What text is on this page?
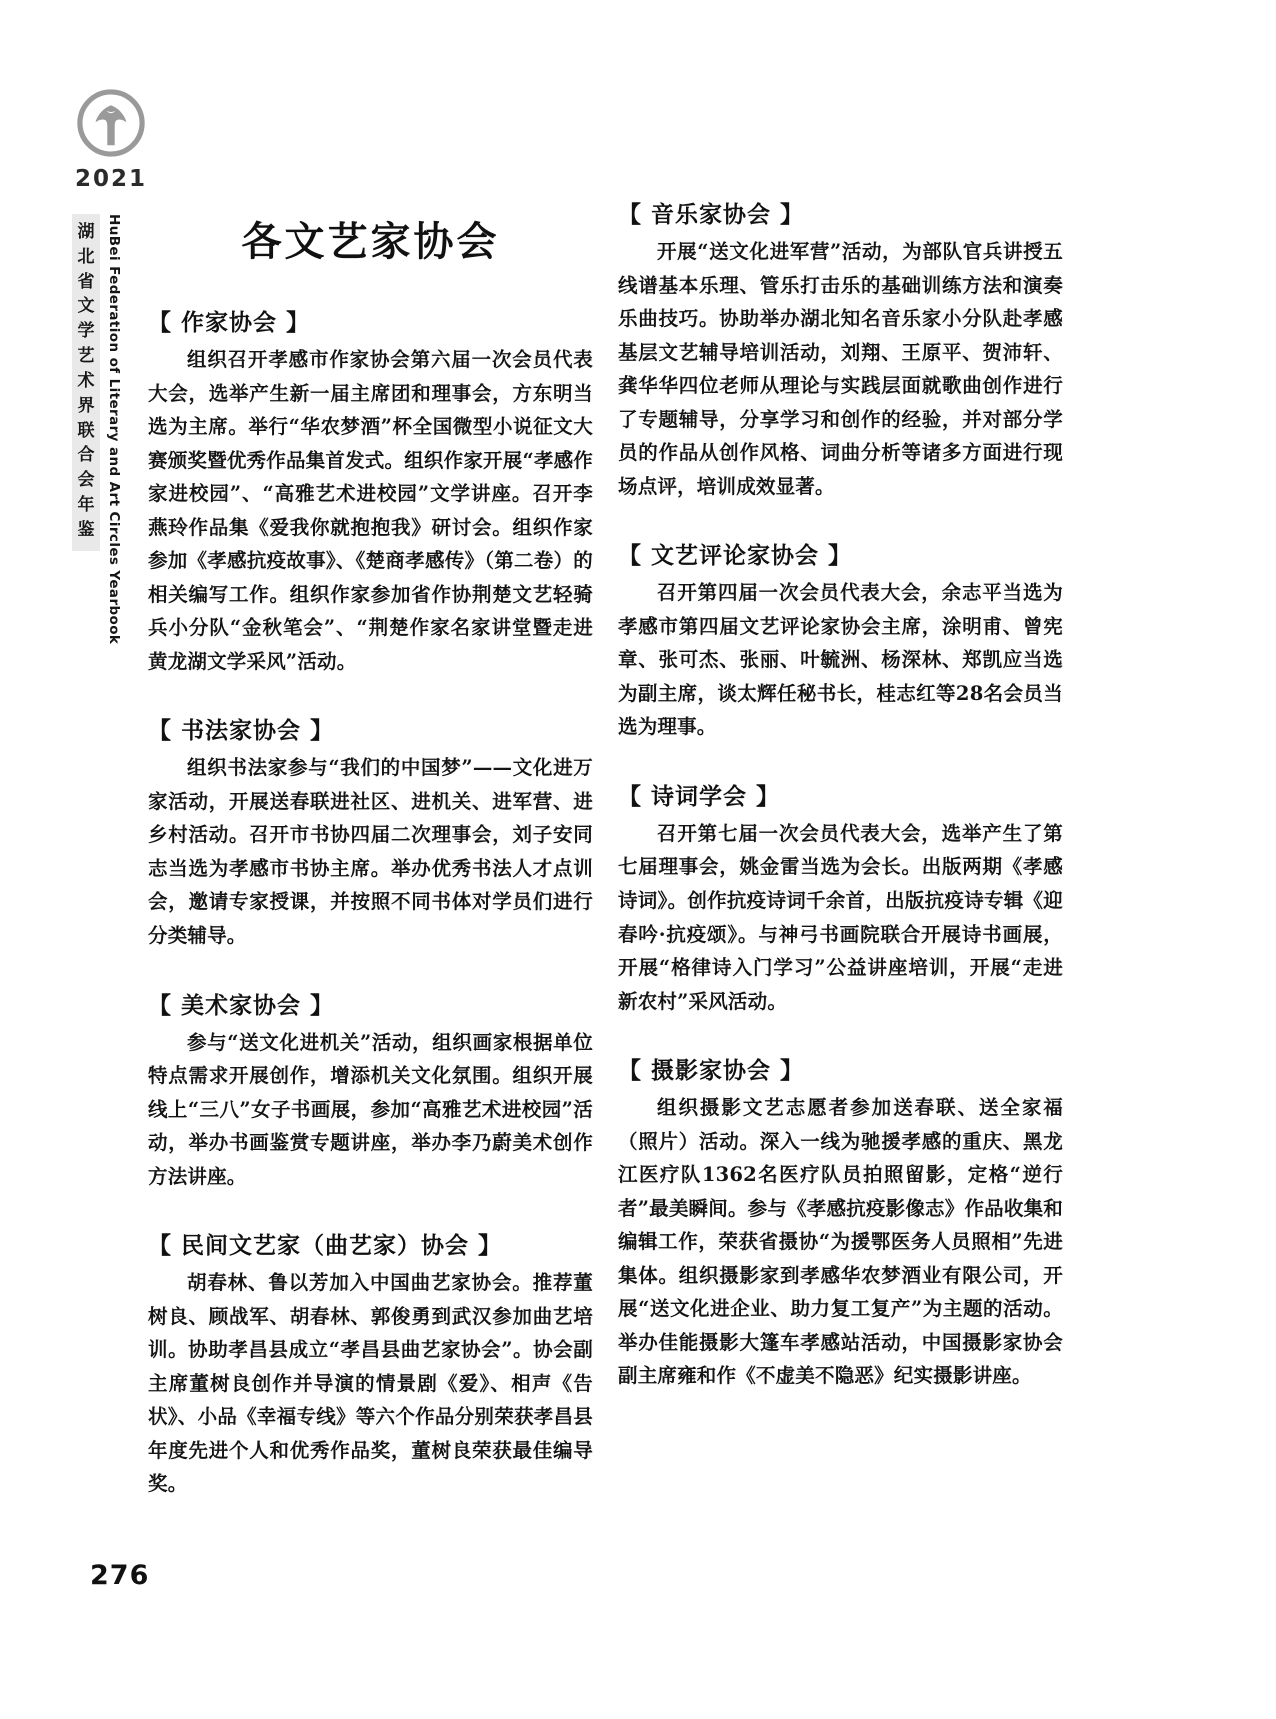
2021
湖北省文学艺术界联合会年鉴 HuBei Federation of Literary and Art Circles Yearbook	各文艺家协会
【 作家协会 】

组织召开孝感市作家协会第六届一次会员代表大会，选举产生新一届主席团和理事会，方东明当选为主席。举行“华农梦酒”杯全国微型小说征文大赛颁奖暨优秀作品集首发式。组织作家开展“孝感作家进校园”、“高雅艺术进校园”文学讲座。召开李燕玲作品集《爱我你就抱抱我》研讨会。组织作家参加《孝感抗疫故事》、《楚商孝感传》（第二卷）的相关编写工作。组织作家参加省作协荆楚文艺轻骑兵小分队“金秋笔会”、“荆楚作家名家讲堂暨走进黄龙湖文学采风”活动。

【 书法家协会 】

组织书法家参与“我们的中国梦”——文化进万家活动，开展送春联进社区、进机关、进军营、进乡村活动。召开市书协四届二次理事会，刘子安同志当选为孝感市书协主席。举办优秀书法人才点训会，邀请专家授课，并按照不同书体对学员们进行分类辅导。

【 美术家协会 】

参与“送文化进机关”活动，组织画家根据单位特点需求开展创作，增添机关文化氛围。组织开展线上“三八”女子书画展，参加“高雅艺术进校园”活动，举办书画鉴赏专题讲座，举办李乃蔚美术创作方法讲座。

【 民间文艺家（曲艺家）协会 】

胡春林、鲁以芳加入中国曲艺家协会。推荐董树良、顾战军、胡春林、郭俊勇到武汉参加曲艺培训。协助孝昌县成立“孝昌县曲艺家协会”。协会副主席董树良创作并导演的情景剧《爱》、相声《告状》、小品《幸福专线》等六个作品分别荣获孝昌县年度先进个人和优秀作品奖，董树良荣获最佳编导奖。

【 音乐家协会 】

开展“送文化进军营”活动，为部队官兵讲授五线谱基本乐理、管乐打击乐的基础训练方法和演奏乐曲技巧。协助举办湖北知名音乐家小分队赴孝感基层文艺辅导培训活动，刘翔、王原平、贺沛轩、龚华华四位老师从理论与实践层面就歌曲创作进行了专题辅导，分享学习和创作的经验，并对部分学员的作品从创作风格、词曲分析等诸多方面进行现场点评，培训成效显著。

【 文艺评论家协会 】

召开第四届一次会员代表大会，余志平当选为孝感市第四届文艺评论家协会主席，涂明甫、曾宪章、张可杰、张丽、叶毓洲、杨深林、郑凯应当选为副主席，谈太辉任秘书长，桂志红等28名会员当选为理事。

【 诗词学会 】

召开第七届一次会员代表大会，选举产生了第七届理事会，姚金雷当选为会长。出版两期《孝感诗词》。创作抗疫诗词千余首，出版抗疫诗专辑《迎春吟·抗疫颂》。与神弓书画院联合开展诗书画展，开展“格律诗入门学习”公益讲座培训，开展“走进新农村”采风活动。

【 摄影家协会 】

组织摄影文艺志愿者参加送春联、送全家福（照片）活动。深入一线为驰援孝感的重庆、黑龙江医疗队1362名医疗队员拍照留影，定格“逆行者”最美瞬间。参与《孝感抗疫影像志》作品收集和编辑工作，荣获省摄协“为援鄂医务人员照相”先进集体。组织摄影家到孝感华农梦酒业有限公司，开展“送文化进企业、助力复工复产”为主题的活动。举办佳能摄影大篷车孝感站活动，中国摄影家协会副主席雍和作《不虚美不隐恶》纪实摄影讲座。

276
